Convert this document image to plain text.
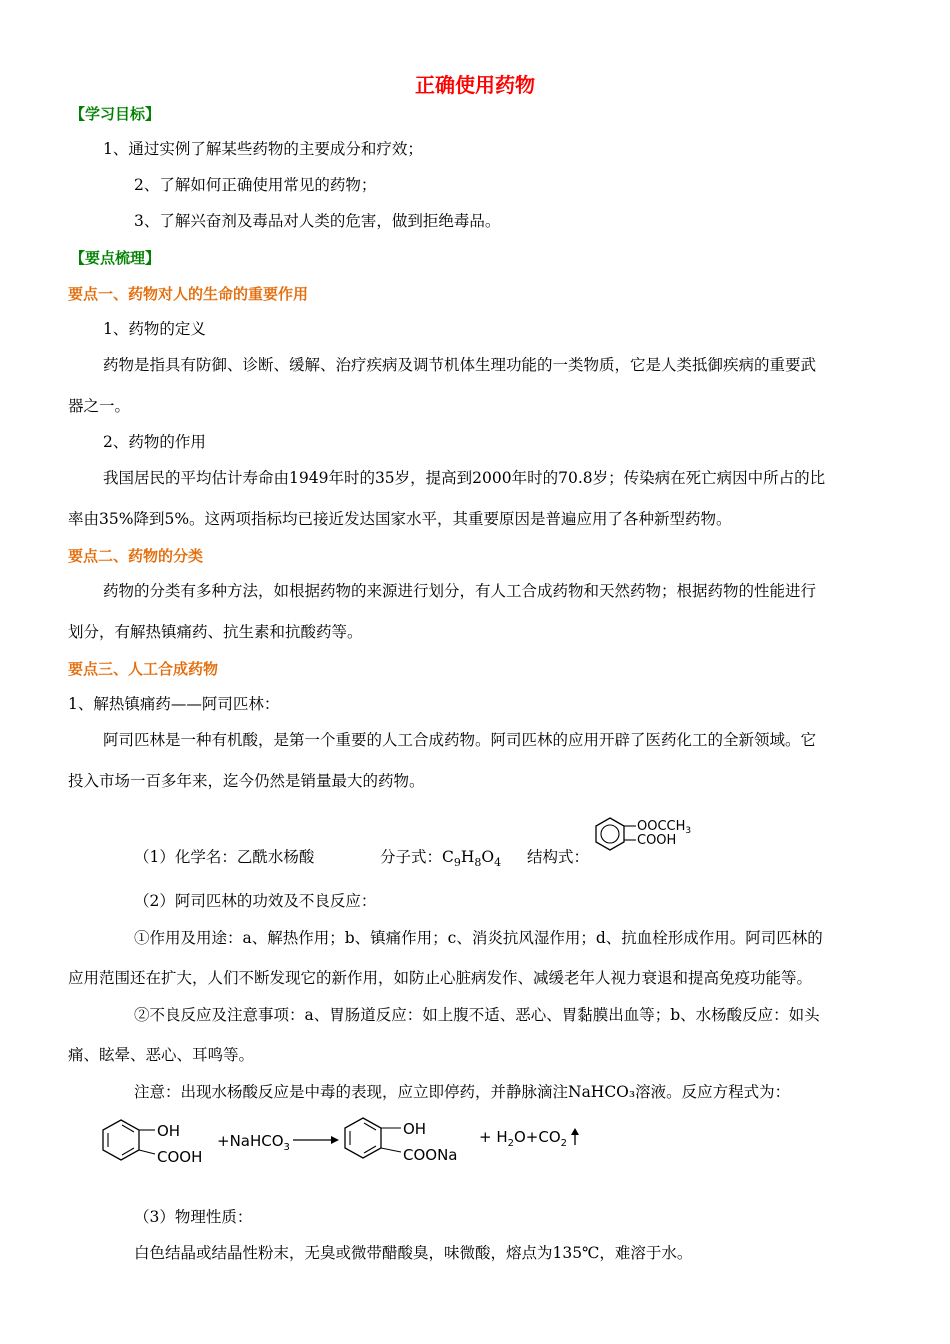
正确使用药物
【学习目标】
1、通过实例了解某些药物的主要成分和疗效；
2、了解如何正确使用常见的药物；
3、了解兴奋剂及毒品对人类的危害，做到拒绝毒品。
【要点梳理】
要点一、药物对人的生命的重要作用
1、药物的定义
药物是指具有防御、诊断、缓解、治疗疾病及调节机体生理功能的一类物质，它是人类抵御疾病的重要武
器之一。
2、药物的作用
我国居民的平均估计寿命由1949年时的35岁，提高到2000年时的70.8岁；传染病在死亡病因中所占的比
率由35%降到5%。这两项指标均已接近发达国家水平，其重要原因是普遍应用了各种新型药物。
要点二、药物的分类
药物的分类有多种方法，如根据药物的来源进行划分，有人工合成药物和天然药物；根据药物的性能进行
划分，有解热镇痛药、抗生素和抗酸药等。
要点三、人工合成药物
1、解热镇痛药——阿司匹林：
阿司匹林是一种有机酸，是第一个重要的人工合成药物。阿司匹林的应用开辟了医药化工的全新领域。它
投入市场一百多年来，迄今仍然是销量最大的药物。
（1）化学名：乙酰水杨酸	分子式：$C_9H_8O_4$ 结构式：
$OOCCH_3$
COOH
（2）阿司匹林的功效及不良反应：
①作用及用途：a、解热作用；b、镇痛作用；c、消炎抗风湿作用；d、抗血栓形成作用。阿司匹林的
应用范围还在扩大，人们不断发现它的新作用，如防止心脏病发作、减缓老年人视力衰退和提高免疫功能等。
②不良反应及注意事项：a、胃肠道反应：如上腹不适、恶心、胃黏膜出血等；b、水杨酸反应：如头
痛、眩晕、恶心、耳鸣等。
注意：出现水杨酸反应是中毒的表现，应立即停药，并静脉滴注NaHCO₃溶液。反应方程式为：
OH
COOH
+NaHCO$_3$
OH
COONa
+ $H_2O+CO_2$
（3）物理性质：
白色结晶或结晶性粉末，无臭或微带醋酸臭，味微酸，熔点为135℃，难溶于水。
